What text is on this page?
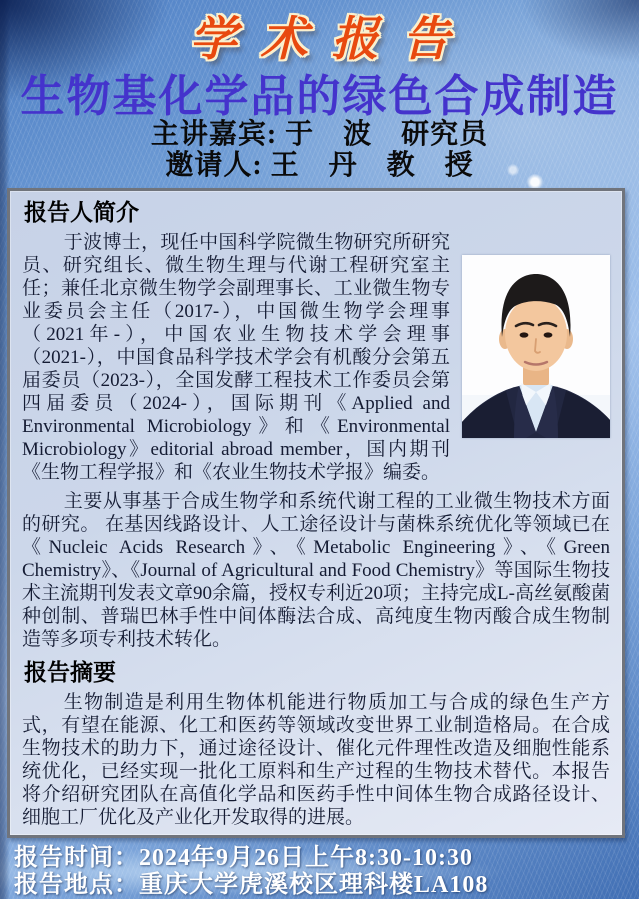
学术报告
生物基化学品的绿色合成制造
主讲嘉宾: 于　波　研究员
邀请人: 王　丹　教　授
报告人简介

于波博士，现任中国科学院微生物研究所研究员、研究组长、微生物生理与代谢工程研究室主任；兼任北京微生物学会副理事长、工业微生物专业委员会主任（2017-），中国微生物学会理事（2021年-），中国农业生物技术学会理事（2021-），中国食品科学技术学会有机酸分会第五届委员（2023-），全国发酵工程技术工作委员会第四届委员（2024-），国际期刊《Applied and Environmental Microbiology》和《Environmental Microbiology》editorial abroad member，国内期刊《生物工程学报》和《农业生物技术学报》编委。

主要从事基于合成生物学和系统代谢工程的工业微生物技术方面的研究。 在基因线路设计、人工途径设计与菌株系统优化等领域已在《Nucleic Acids Research》、《Metabolic Engineering》、《Green Chemistry》、《Journal of Agricultural and Food Chemistry》等国际生物技术主流期刊发表文章90余篇，授权专利近20项；主持完成L-高丝氨酸菌种创制、普瑞巴林手性中间体酶法合成、高纯度生物丙酸合成生物制造等多项专利技术转化。

报告摘要

生物制造是利用生物体机能进行物质加工与合成的绿色生产方式，有望在能源、化工和医药等领域改变世界工业制造格局。在合成生物技术的助力下，通过途径设计、催化元件理性改造及细胞性能系统优化，已经实现一批化工原料和生产过程的生物技术替代。本报告将介绍研究团队在高值化学品和医药手性中间体生物合成路径设计、细胞工厂优化及产业化开发取得的进展。

报告时间：2024年9月26日上午8:30-10:30
报告地点：重庆大学虎溪校区理科楼LA108
